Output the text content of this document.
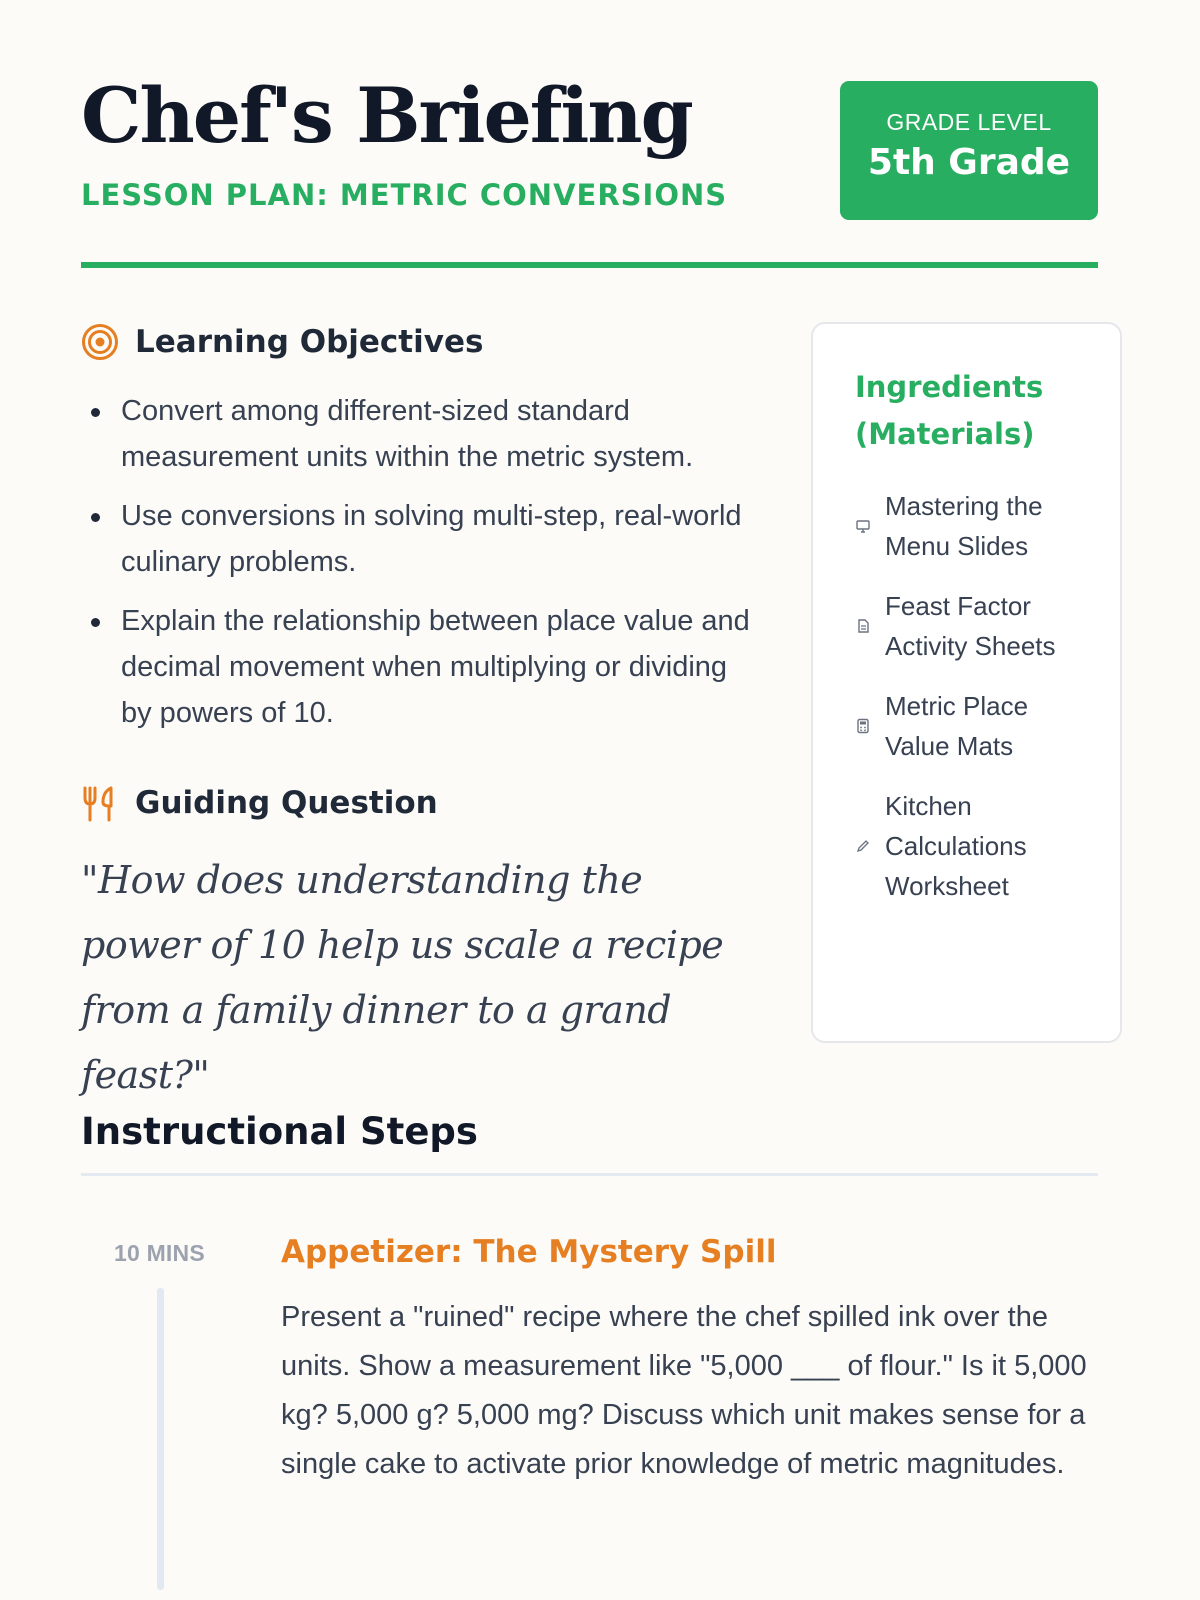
Chef's Briefing
LESSON PLAN: METRIC CONVERSIONS
GRADE LEVEL
5th Grade
Learning Objectives
Convert among different-sized standard measurement units within the metric system.
Use conversions in solving multi-step, real-world culinary problems.
Explain the relationship between place value and decimal movement when multiplying or dividing by powers of 10.
Guiding Question
"How does understanding the power of 10 help us scale a recipe from a family dinner to a grand feast?"
Ingredients (Materials)
Mastering the Menu Slides
Feast Factor Activity Sheets
Metric Place Value Mats
Kitchen Calculations Worksheet
Instructional Steps
10 MINS Appetizer: The Mystery Spill

Present a "ruined" recipe where the chef spilled ink over the units. Show a measurement like "5,000 ___ of flour." Is it 5,000 kg? 5,000 g? 5,000 mg? Discuss which unit makes sense for a single cake to activate prior knowledge of metric magnitudes.
